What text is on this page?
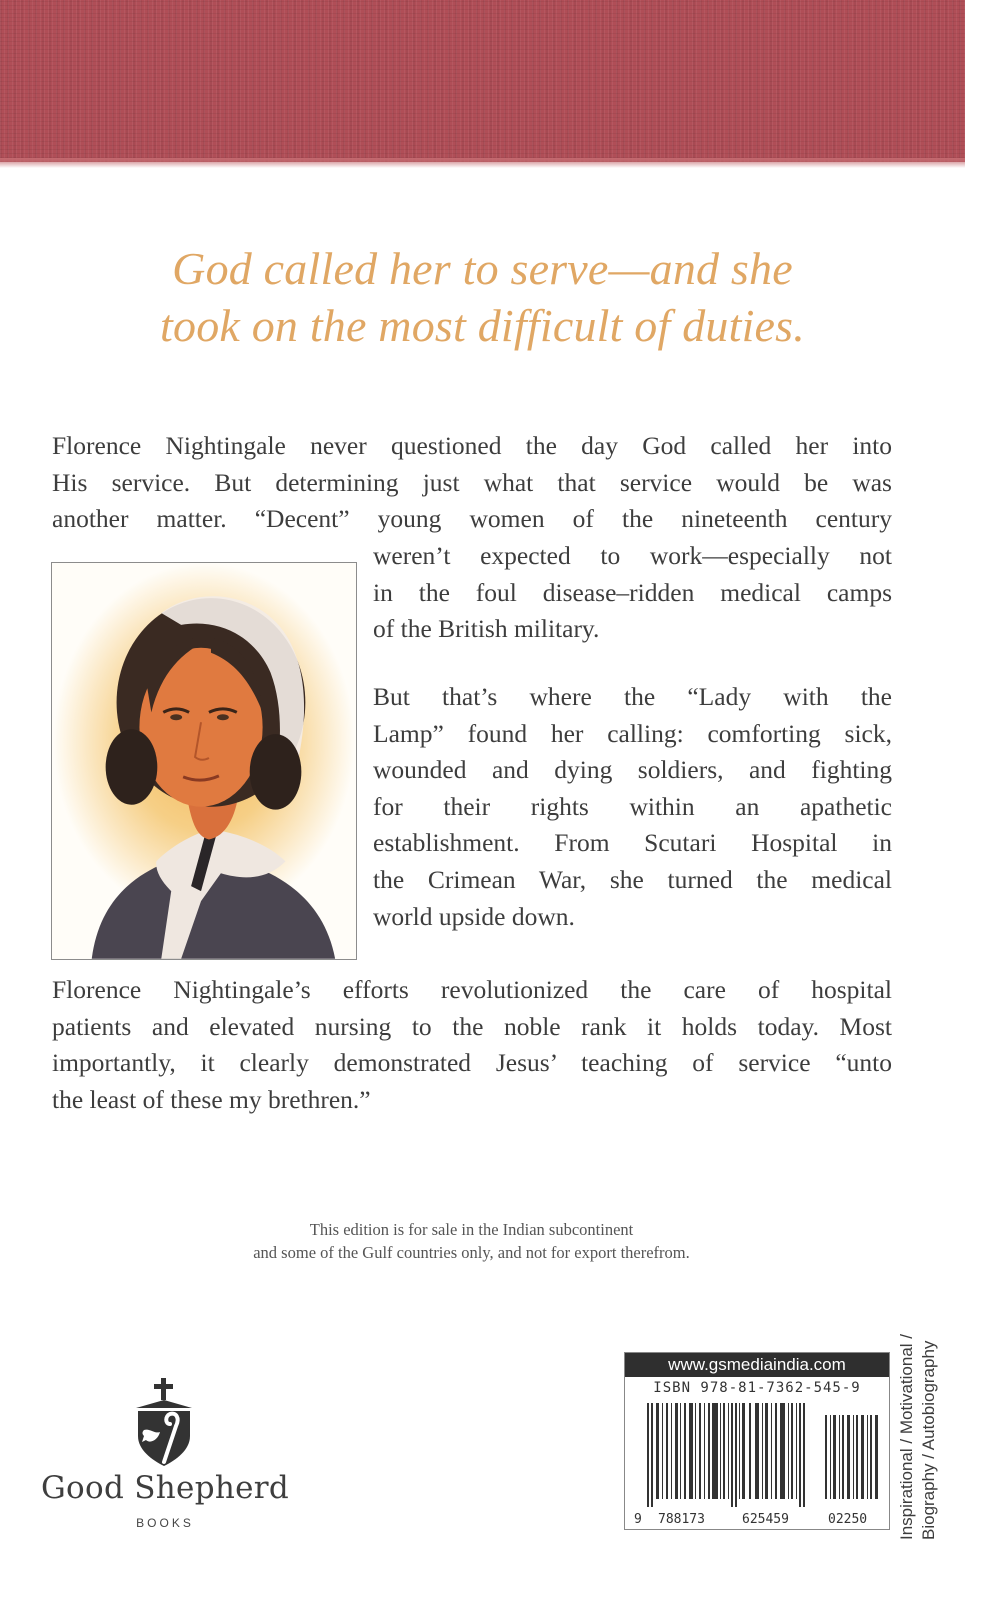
God called her to serve—and she
took on the most difficult of duties.
Florence Nightingale never questioned the day God called her into
His service. But determining just what that service would be was
another matter. “Decent” young women of the nineteenth century
weren’t expected to work—especially not
in the foul disease–ridden medical camps
of the British military.
But that’s where the “Lady with the
Lamp” found her calling: comforting sick,
wounded and dying soldiers, and fighting
for their rights within an apathetic
establishment. From Scutari Hospital in
the Crimean War, she turned the medical
world upside down.
Florence Nightingale’s efforts revolutionized the care of hospital
patients and elevated nursing to the noble rank it holds today. Most
importantly, it clearly demonstrated Jesus’ teaching of service “unto
the least of these my brethren.”
This edition is for sale in the Indian subcontinent
and some of the Gulf countries only, and not for export therefrom.
Good Shepherd
BOOKS
www.gsmediaindia.com
ISBN 978-81-7362-545-9
9 788173	625459	02250 Inspirational / Motivational / Biography / Autobiography
